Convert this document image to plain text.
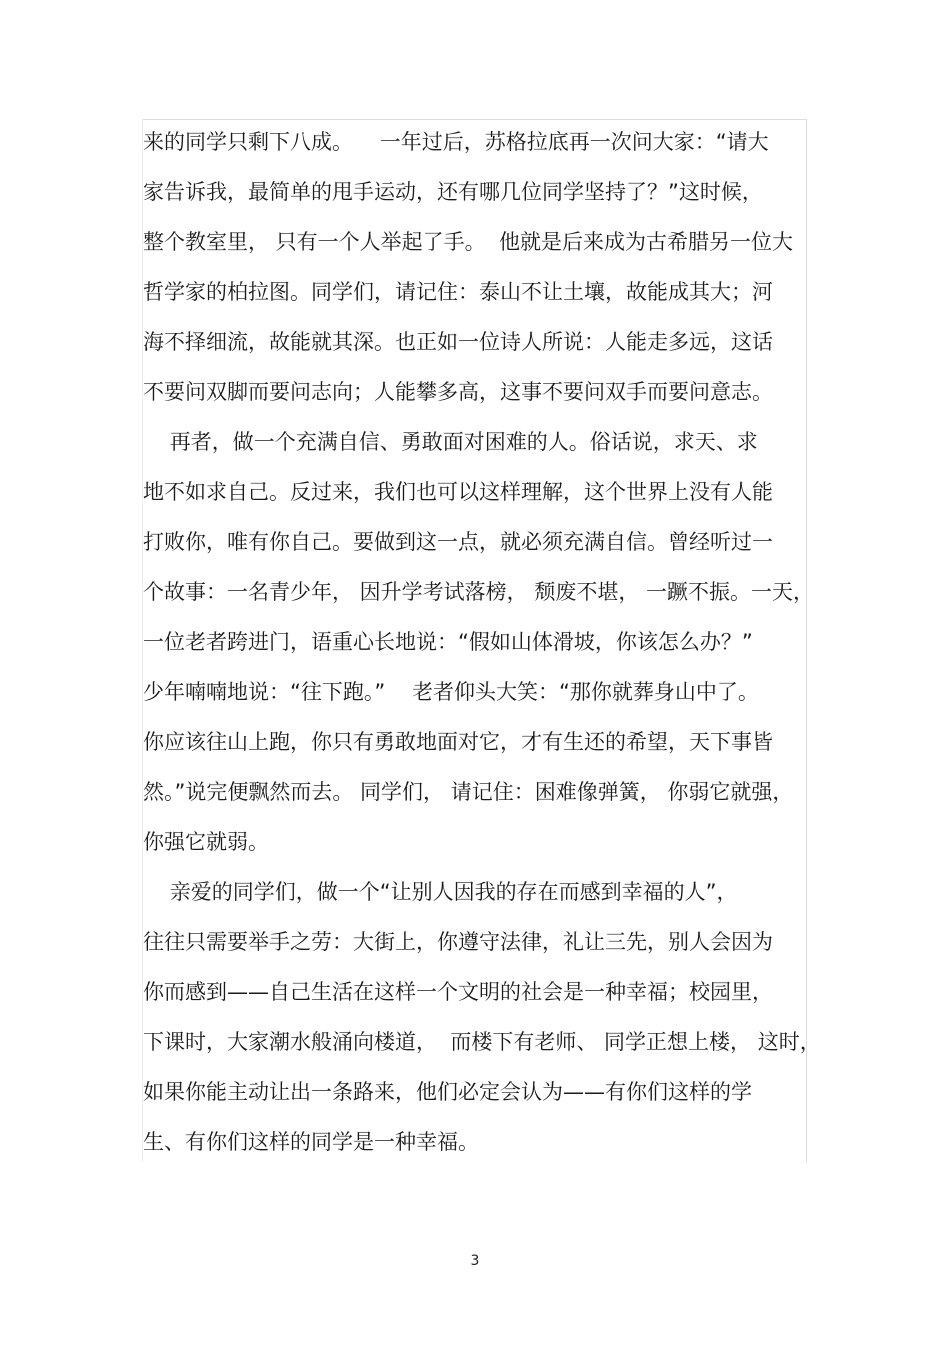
来的同学只剩下八成。    一年过后，苏格拉底再一次问大家：“请大
家告诉我，最简单的甩手运动，还有哪几位同学坚持了？”这时候，
整个教室里， 只有一个人举起了手。  他就是后来成为古希腊另一位大
哲学家的柏拉图。同学们，请记住：泰山不让土壤，故能成其大；河
海不择细流，故能就其深。也正如一位诗人所说：人能走多远，这话
不要问双脚而要问志向；人能攀多高，这事不要问双手而要问意志。
再者，做一个充满自信、勇敢面对困难的人。俗话说，求天、求
地不如求自己。反过来，我们也可以这样理解，这个世界上没有人能
打败你，唯有你自己。要做到这一点，就必须充满自信。曾经听过一
个故事：一名青少年， 因升学考试落榜， 颓废不堪， 一蹶不振。一天，
一位老者跨进门，语重心长地说：“假如山体滑坡，你该怎么办？”
少年喃喃地说：“往下跑。”    老者仰头大笑：“那你就葬身山中了。
你应该往山上跑，你只有勇敢地面对它，才有生还的希望，天下事皆
然。”说完便飘然而去。 同学们， 请记住：困难像弹簧， 你弱它就强，
你强它就弱。
亲爱的同学们，做一个“让别人因我的存在而感到幸福的人”，
往往只需要举手之劳：大街上，你遵守法律，礼让三先，别人会因为
你而感到——自己生活在这样一个文明的社会是一种幸福；校园里，
下课时，大家潮水般涌向楼道，  而楼下有老师、 同学正想上楼， 这时，
如果你能主动让出一条路来，他们必定会认为——有你们这样的学
生、有你们这样的同学是一种幸福。
3
